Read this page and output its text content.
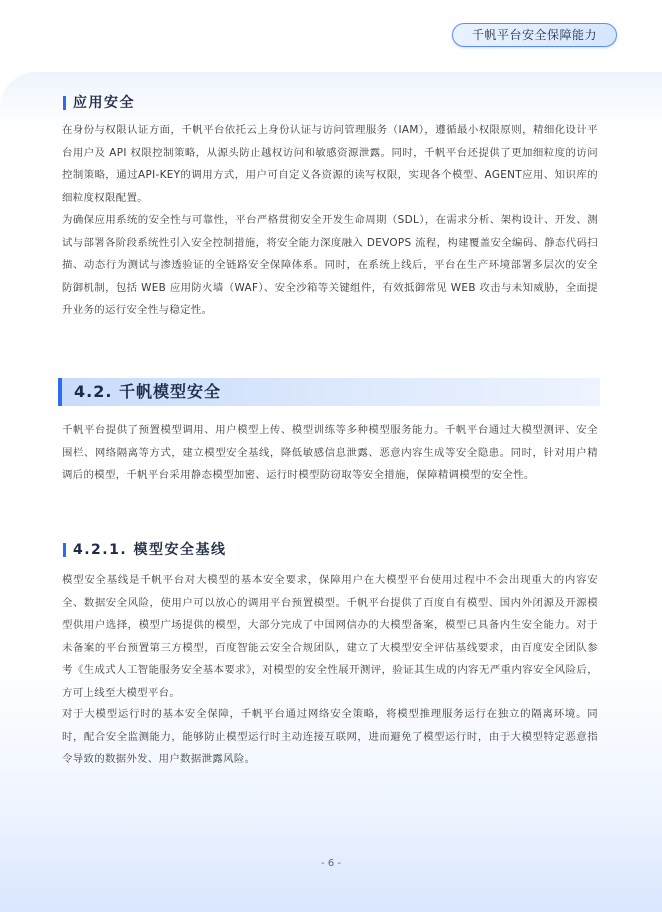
千帆平台安全保障能力
应用安全

在身份与权限认证方面，千帆平台依托云上身份认证与访问管理服务（IAM），遵循最小权限原则，精细化设计平台用户及 API 权限控制策略，从源头防止越权访问和敏感资源泄露。同时，千帆平台还提供了更加细粒度的访问控制策略，通过API-KEY的调用方式，用户可自定义各资源的读写权限，实现各个模型、AGENT应用、知识库的细粒度权限配置。

为确保应用系统的安全性与可靠性，平台严格贯彻安全开发生命周期（SDL），在需求分析、架构设计、开发、测试与部署各阶段系统性引入安全控制措施，将安全能力深度融入 DEVOPS 流程，构建覆盖安全编码、静态代码扫描、动态行为测试与渗透验证的全链路安全保障体系。同时，在系统上线后，平台在生产环境部署多层次的安全防御机制，包括 WEB 应用防火墙（WAF）、安全沙箱等关键组件，有效抵御常见 WEB 攻击与未知威胁，全面提升业务的运行安全性与稳定性。

4.2. 千帆模型安全

千帆平台提供了预置模型调用、用户模型上传、模型训练等多种模型服务能力。千帆平台通过大模型测评、安全围栏、网络隔离等方式，建立模型安全基线，降低敏感信息泄露、恶意内容生成等安全隐患。同时，针对用户精调后的模型，千帆平台采用静态模型加密、运行时模型防窃取等安全措施，保障精调模型的安全性。

4.2.1. 模型安全基线

模型安全基线是千帆平台对大模型的基本安全要求，保障用户在大模型平台使用过程中不会出现重大的内容安全、数据安全风险，使用户可以放心的调用平台预置模型。千帆平台提供了百度自有模型、国内外闭源及开源模型供用户选择，模型广场提供的模型，大部分完成了中国网信办的大模型备案，模型已具备内生安全能力。对于未备案的平台预置第三方模型，百度智能云安全合规团队，建立了大模型安全评估基线要求，由百度安全团队参考《生成式人工智能服务安全基本要求》，对模型的安全性展开测评，验证其生成的内容无严重内容安全风险后，方可上线至大模型平台。

对于大模型运行时的基本安全保障，千帆平台通过网络安全策略，将模型推理服务运行在独立的隔离环境。同时，配合安全监测能力，能够防止模型运行时主动连接互联网，进而避免了模型运行时，由于大模型特定恶意指令导致的数据外发、用户数据泄露风险。

- 6 -
